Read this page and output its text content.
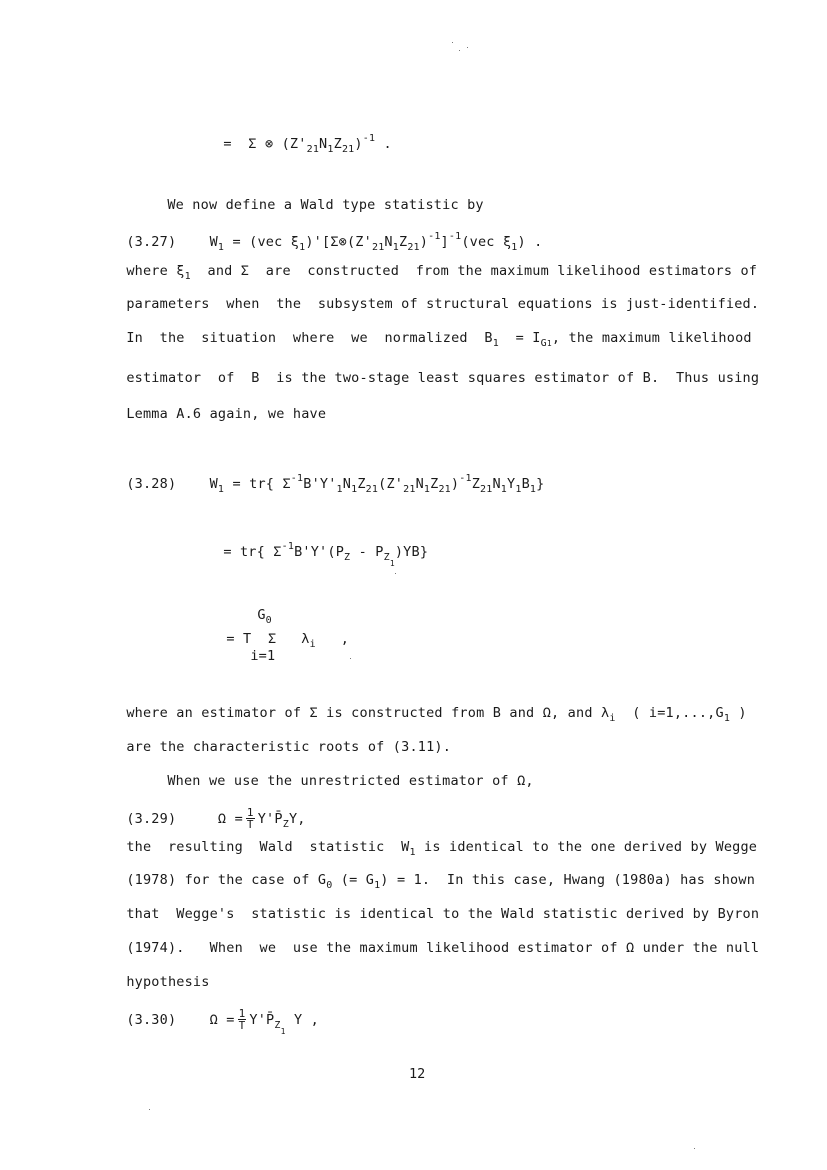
=  Σ ⊗ $(Z'_{21}N_1Z_{21})^{-1}$ .

We now define a Wald type statistic by

(3.27)    $W_1 = (vec$ $\xi_1)'[\Sigma\otimes(Z'_{21}N_1Z_{21})^{-1}]^{-1}(vec$ $\xi_1$) .

where $\xi_1$  and Σ  are  constructed  from the maximum likelihood estimators of

parameters  when  the  subsystem of structural equations is just-identified.

In  the  situation  where  we  normalized  $B_1 = I_{G1}$, the maximum likelihood

estimator  of  B  is the two-stage least squares estimator of B.  Thus using

Lemma A.6 again, we have

(3.28)    $W_1 = tr${ $\Sigma^{-1}B'Y'_1N_1Z_{21}(Z'_{21}N_1Z_{21})^{-1}Z_{21}N_1Y_1B_1$}

= tr{ $\Sigma^{-1}B'Y'(P_Z - P_{Z1})YB$}

$G_0$

= T  Σ   $\lambda_i$   ,

i=1

where an estimator of Σ is constructed from B and Ω, and $\lambda_i$  ( $i=1,...,G_1$ )

are the characteristic roots of (3.11).

When we use the unrestricted estimator of Ω,

(3.29)     $\Omega = \frac{1}{T}$ $Y'P̄_ZY$,

the  resulting  Wald  statistic  $W_1$ is identical to the one derived by Wegge

(1978) for the case of $G_0$ (= $G_1) = 1$.  In this case, Hwang (1980a) has shown

that  Wegge's  statistic is identical to the Wald statistic derived by Byron

(1974).   When  we  use the maximum likelihood estimator of Ω under the null

hypothesis

(3.30)    $\Omega = \frac{1}{T}$ $Y'P̄_{Z1}$ Y ,

12
